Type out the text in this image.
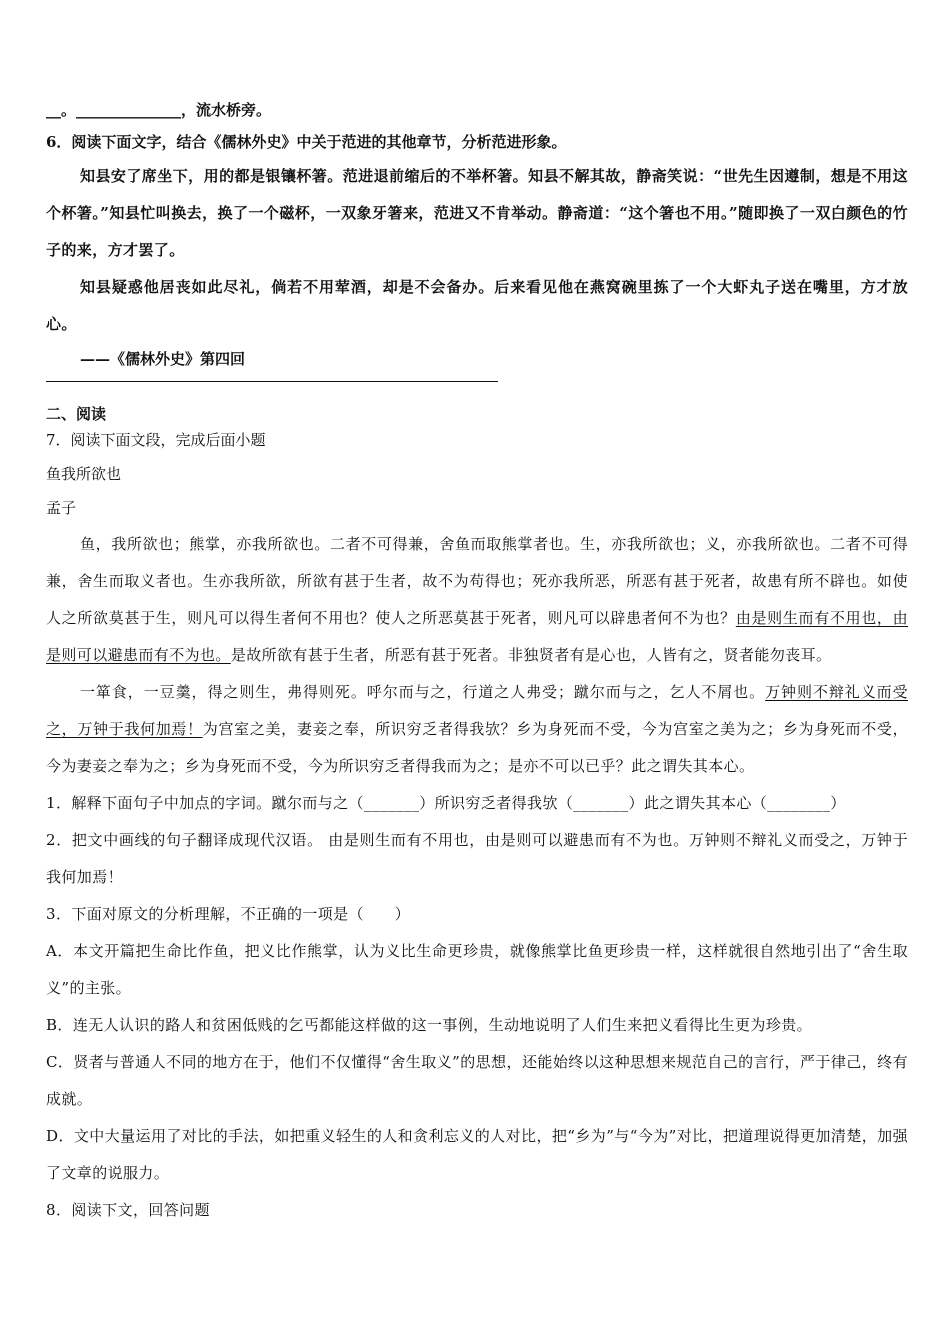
__。______________，流水桥旁。
6．阅读下面文字，结合《儒林外史》中关于范进的其他章节，分析范进形象。
知县安了席坐下，用的都是银镶杯箸。范进退前缩后的不举杯箸。知县不解其故，静斋笑说：“世先生因遵制，想是不用这个杯箸。”知县忙叫换去，换了一个磁杯，一双象牙箸来，范进又不肯举动。静斋道：“这个箸也不用。”随即换了一双白颜色的竹子的来，方才罢了。
知县疑惑他居丧如此尽礼，倘若不用荤酒，却是不会备办。后来看见他在燕窝碗里拣了一个大虾丸子送在嘴里，方才放心。
——《儒林外史》第四回
二、阅读
7．阅读下面文段，完成后面小题
鱼我所欲也
孟子
鱼，我所欲也；熊掌，亦我所欲也。二者不可得兼，舍鱼而取熊掌者也。生，亦我所欲也；义，亦我所欲也。二者不可得兼，舍生而取义者也。生亦我所欲，所欲有甚于生者，故不为苟得也；死亦我所恶，所恶有甚于死者，故患有所不辟也。如使人之所欲莫甚于生，则凡可以得生者何不用也？使人之所恶莫甚于死者，则凡可以辟患者何不为也？由是则生而有不用也，由是则可以避患而有不为也。是故所欲有甚于生者，所恶有甚于死者。非独贤者有是心也，人皆有之，贤者能勿丧耳。
一箪食，一豆羹，得之则生，弗得则死。呼尔而与之，行道之人弗受；蹴尔而与之，乞人不屑也。万钟则不辩礼义而受之，万钟于我何加焉！为宫室之美，妻妾之奉，所识穷乏者得我欤？乡为身死而不受，今为宫室之美为之；乡为身死而不受，今为妻妾之奉为之；乡为身死而不受，今为所识穷乏者得我而为之；是亦不可以已乎？此之谓失其本心。
1．解释下面句子中加点的字词。蹴尔而与之（_______）所识穷乏者得我欤（_______）此之谓失其本心（________）
2．把文中画线的句子翻译成现代汉语。 由是则生而有不用也，由是则可以避患而有不为也。万钟则不辩礼义而受之，万钟于我何加焉！
3．下面对原文的分析理解，不正确的一项是（　　）
A．本文开篇把生命比作鱼，把义比作熊掌，认为义比生命更珍贵，就像熊掌比鱼更珍贵一样，这样就很自然地引出了“舍生取义”的主张。
B．连无人认识的路人和贫困低贱的乞丐都能这样做的这一事例，生动地说明了人们生来把义看得比生更为珍贵。
C．贤者与普通人不同的地方在于，他们不仅懂得“舍生取义”的思想，还能始终以这种思想来规范自己的言行，严于律己，终有成就。
D．文中大量运用了对比的手法，如把重义轻生的人和贪利忘义的人对比，把“乡为”与“今为”对比，把道理说得更加清楚，加强了文章的说服力。
8．阅读下文，回答问题
